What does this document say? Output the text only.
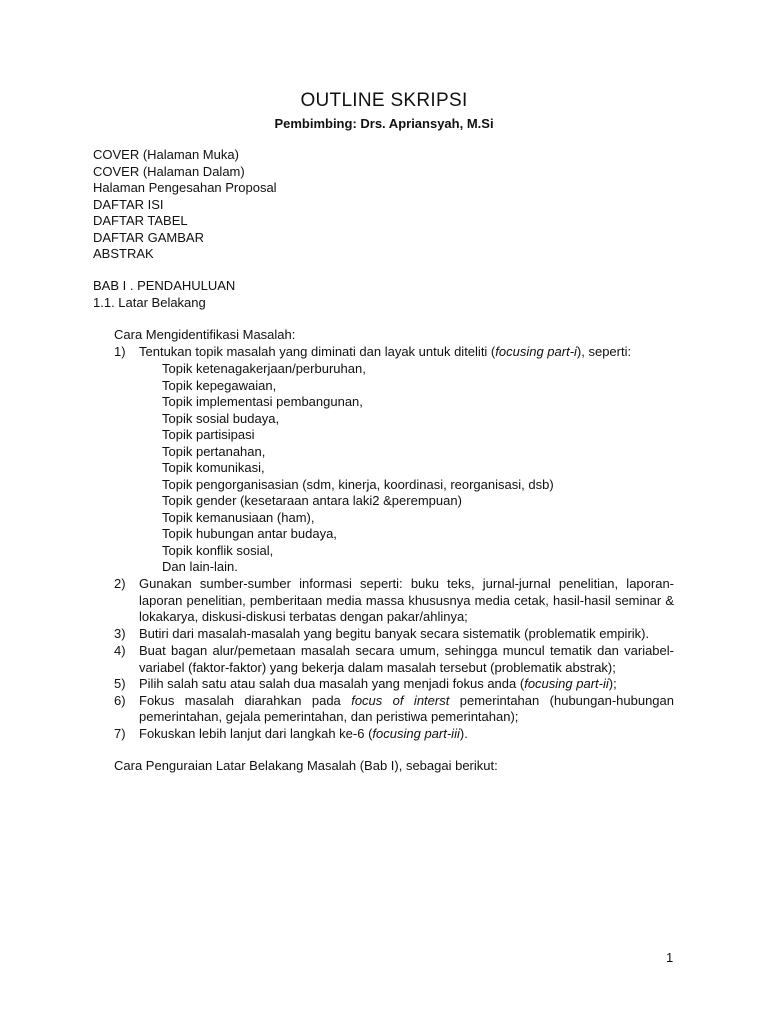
OUTLINE SKRIPSI
Pembimbing: Drs. Apriansyah, M.Si
COVER (Halaman Muka)
COVER (Halaman Dalam)
Halaman Pengesahan Proposal
DAFTAR ISI
DAFTAR TABEL
DAFTAR GAMBAR
ABSTRAK
BAB I . PENDAHULUAN
1.1. Latar Belakang
Cara Mengidentifikasi Masalah:
1) Tentukan topik masalah yang diminati dan layak untuk diteliti (focusing part-i), seperti:
Topik ketenagakerjaan/perburuhan,
Topik kepegawaian,
Topik implementasi pembangunan,
Topik sosial budaya,
Topik partisipasi
Topik pertanahan,
Topik komunikasi,
Topik pengorganisasian (sdm, kinerja, koordinasi, reorganisasi, dsb)
Topik gender (kesetaraan antara laki2 &perempuan)
Topik kemanusiaan (ham),
Topik hubungan antar budaya,
Topik konflik sosial,
Dan lain-lain.
2) Gunakan sumber-sumber informasi seperti: buku teks, jurnal-jurnal penelitian, laporan-laporan penelitian, pemberitaan media massa khususnya media cetak, hasil-hasil seminar & lokakarya, diskusi-diskusi terbatas dengan pakar/ahlinya;
3) Butiri dari masalah-masalah yang begitu banyak secara sistematik (problematik empirik).
4) Buat bagan alur/pemetaan masalah secara umum, sehingga muncul tematik dan variabel-variabel (faktor-faktor) yang bekerja dalam masalah tersebut (problematik abstrak);
5) Pilih salah satu atau salah dua masalah yang menjadi fokus anda (focusing part-ii);
6) Fokus masalah diarahkan pada focus of interst pemerintahan (hubungan-hubungan pemerintahan, gejala pemerintahan, dan peristiwa pemerintahan);
7) Fokuskan lebih lanjut dari langkah ke-6 (focusing part-iii).
Cara Penguraian Latar Belakang Masalah (Bab I), sebagai berikut:
1
